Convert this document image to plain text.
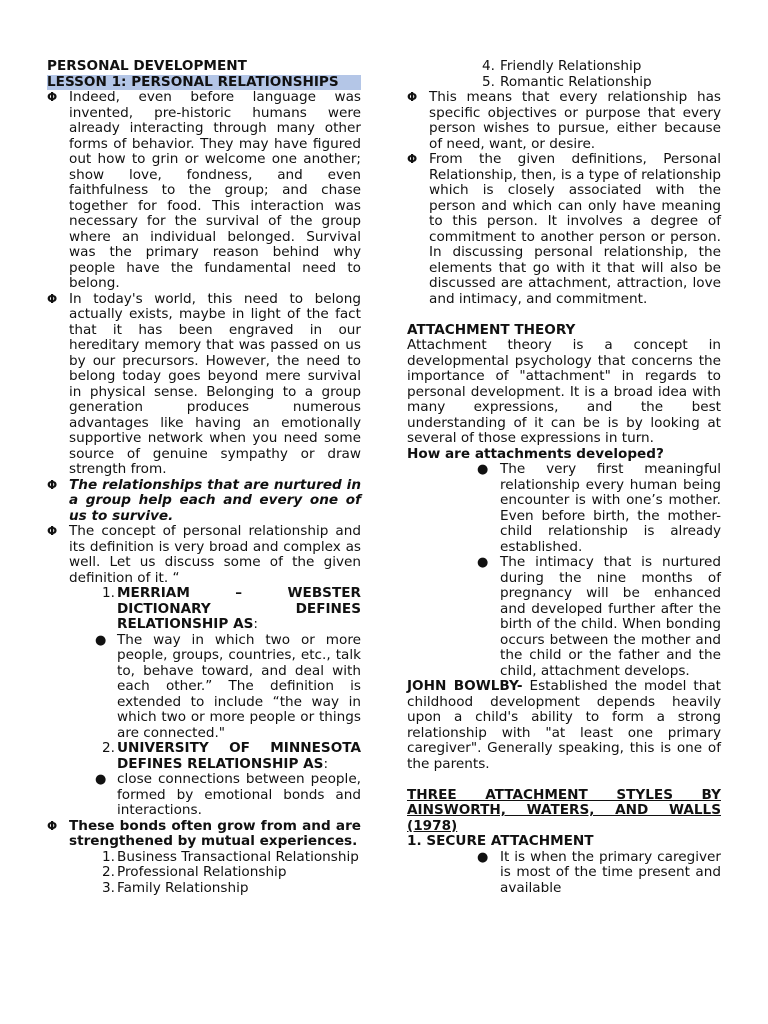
PERSONAL DEVELOPMENT
LESSON 1: PERSONAL RELATIONSHIPS
Φ Indeed, even before language was invented, pre-historic humans were already interacting through many other forms of behavior. They may have figured out how to grin or welcome one another; show love, fondness, and even faithfulness to the group; and chase together for food. This interaction was necessary for the survival of the group where an individual belonged. Survival was the primary reason behind why people have the fundamental need to belong.
Φ In today's world, this need to belong actually exists, maybe in light of the fact that it has been engraved in our hereditary memory that was passed on us by our precursors. However, the need to belong today goes beyond mere survival in physical sense. Belonging to a group generation produces numerous advantages like having an emotionally supportive network when you need some source of genuine sympathy or draw strength from.
Φ The relationships that are nurtured in a group help each and every one of us to survive.
Φ The concept of personal relationship and its definition is very broad and complex as well. Let us discuss some of the given definition of it. “
1. MERRIAM – WEBSTER DICTIONARY DEFINES RELATIONSHIP AS:
● The way in which two or more people, groups, countries, etc., talk to, behave toward, and deal with each other.” The definition is extended to include “the way in which two or more people or things are connected."
2. UNIVERSITY OF MINNESOTA DEFINES RELATIONSHIP AS:
● close connections between people, formed by emotional bonds and interactions.
Φ These bonds often grow from and are strengthened by mutual experiences.
1. Business Transactional Relationship
2. Professional Relationship
3. Family Relationship
4. Friendly Relationship
5. Romantic Relationship
Φ This means that every relationship has specific objectives or purpose that every person wishes to pursue, either because of need, want, or desire.
Φ From the given definitions, Personal Relationship, then, is a type of relationship which is closely associated with the person and which can only have meaning to this person. It involves a degree of commitment to another person or person. In discussing personal relationship, the elements that go with it that will also be discussed are attachment, attraction, love and intimacy, and commitment.
ATTACHMENT THEORY
Attachment theory is a concept in developmental psychology that concerns the importance of "attachment" in regards to personal development. It is a broad idea with many expressions, and the best understanding of it can be is by looking at several of those expressions in turn.
How are attachments developed?
● The very first meaningful relationship every human being encounter is with one’s mother. Even before birth, the mother-child relationship is already established.
● The intimacy that is nurtured during the nine months of pregnancy will be enhanced and developed further after the birth of the child. When bonding occurs between the mother and the child or the father and the child, attachment develops.
JOHN BOWLBY- Established the model that childhood development depends heavily upon a child's ability to form a strong relationship with "at least one primary caregiver". Generally speaking, this is one of the parents.
THREE ATTACHMENT STYLES BY AINSWORTH, WATERS, AND WALLS (1978)
1. SECURE ATTACHMENT
● It is when the primary caregiver is most of the time present and available
